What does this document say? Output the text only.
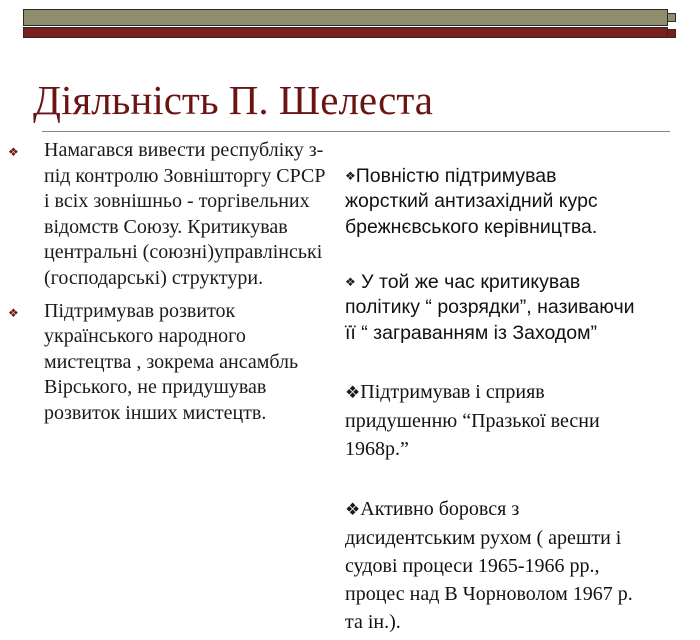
Діяльність П. Шелеста
❖ Намагався вивести республіку з-під контролю Зовнішторгу СРСР і всіх зовнішньо - торгівельних відомств Союзу. Критикував центральні (союзні)управлінські (господарські) структури.
❖ Підтримував розвиток українського народного мистецтва , зокрема ансамбль Вірського, не придушував розвиток інших мистецтв.

❖Повністю підтримував
жорсткий антизахідний курс
брежнєвського керівництва.

❖ У той же час критикував
політику “ розрядки”, називаючи
її “ заграванням із Заходом”

❖Підтримував і сприяв
придушенню “Празької весни
1968р.”

❖Активно боровся з
дисидентським рухом ( арешти і
судові процеси 1965-1966 рр.,
процес над В Чорноволом 1967 р.
та ін.).
